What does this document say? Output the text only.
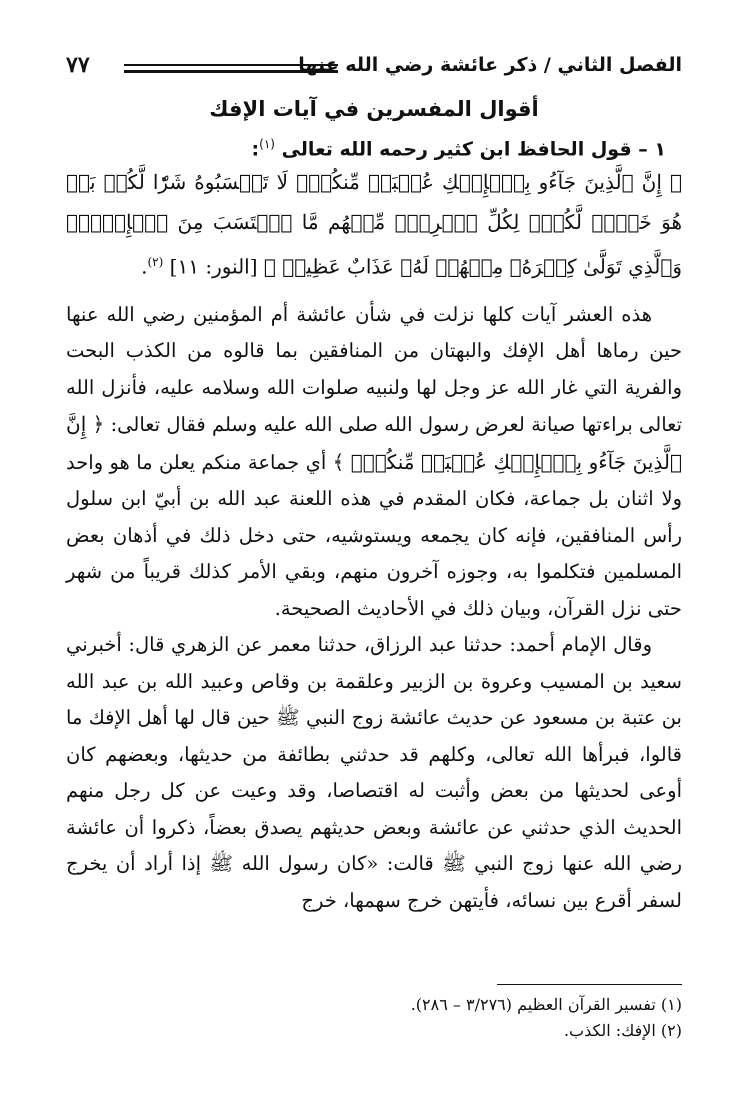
الفصل الثاني / ذكر عائشة رضي الله عنها
٧٧
أقوال المفسرين في آيات الإفك
١ – قول الحافظ ابن كثير رحمه الله تعالى $^{(١)}$:

﴿ إِنَّ ٱلَّذِينَ جَآءُو بِٱلۡإِفۡكِ عُصۡبَةٞ مِّنكُمۡۚ لَا تَحۡسَبُوهُ شَرّٗا لَّكُمۖ بَلۡ هُوَ خَيۡرٞ لَّكُمۡۚ لِكُلِّ ٱمۡرِيٕٖ مِّنۡهُم مَّا ٱكۡتَسَبَ مِنَ ٱلۡإِثۡمِۚ وَٱلَّذِي تَوَلَّىٰ كِبۡرَهُۥ مِنۡهُمۡ لَهُۥ عَذَابٌ عَظِيمٞ ﴾ [النور: ١١] $^{(٢)}$.

هذه العشر آيات كلها نزلت في شأن عائشة أم المؤمنين رضي الله عنها حين رماها أهل الإفك والبهتان من المنافقين بما قالوه من الكذب البحت والفرية التي غار الله عز وجل لها ولنبيه صلوات الله وسلامه عليه، فأنزل الله تعالى براءتها صيانة لعرض رسول الله صلى الله عليه وسلم فقال تعالى: ﴿ إِنَّ ٱلَّذِينَ جَآءُو بِٱلۡإِفۡكِ عُصۡبَةٞ مِّنكُمۡۚ ﴾ أي جماعة منكم يعلن ما هو واحد ولا اثنان بل جماعة، فكان المقدم في هذه اللعنة عبد الله بن أبيّ ابن سلول رأس المنافقين، فإنه كان يجمعه ويستوشيه، حتى دخل ذلك في أذهان بعض المسلمين فتكلموا به، وجوزه آخرون منهم، وبقي الأمر كذلك قريباً من شهر حتى نزل القرآن، وبيان ذلك في الأحاديث الصحيحة.

وقال الإمام أحمد: حدثنا عبد الرزاق، حدثنا معمر عن الزهري قال: أخبرني سعيد بن المسيب وعروة بن الزبير وعلقمة بن وقاص وعبيد الله بن عبد الله بن عتبة بن مسعود عن حديث عائشة زوج النبي ﷺ حين قال لها أهل الإفك ما قالوا، فبرأها الله تعالى، وكلهم قد حدثني بطائفة من حديثها، وبعضهم كان أوعى لحديثها من بعض وأثبت له اقتصاصا، وقد وعيت عن كل رجل منهم الحديث الذي حدثني عن عائشة وبعض حديثهم يصدق بعضاً، ذكروا أن عائشة رضي الله عنها زوج النبي ﷺ قالت: «كان رسول الله ﷺ إذا أراد أن يخرج لسفر أقرع بين نسائه، فأيتهن خرج سهمها، خرج

(١) تفسير القرآن العظيم (٣/٢٧٦ – ٢٨٦).
(٢) الإفك: الكذب.
